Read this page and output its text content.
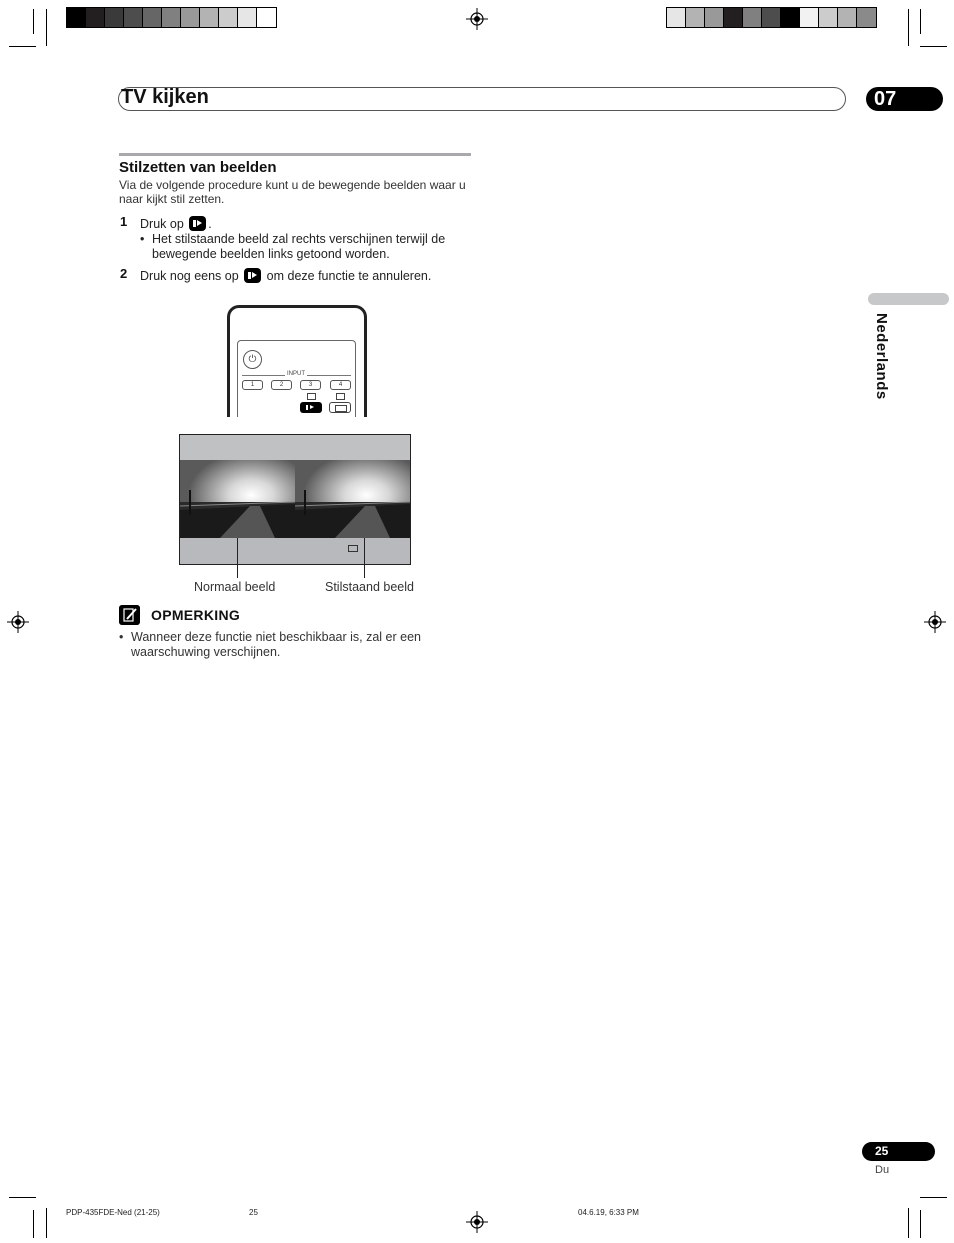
TV kijken	07
Stilzetten van beelden
Via de volgende procedure kunt u de bewegende beelden waar u naar kijkt stil zetten.
1 Druk op .
• Het stilstaande beeld zal rechts verschijnen terwijl de bewegende beelden links getoond worden.
2 Druk nog eens op om deze functie te annuleren.
Nederlands
⏻
INPUT
1	2	3	4
Normaal beeld	Stilstaand beeld
OPMERKING
• Wanneer deze functie niet beschikbaar is, zal er een waarschuwing verschijnen.
25
Du
PDP-435FDE-Ned (21-25)	25	04.6.19, 6:33 PM
